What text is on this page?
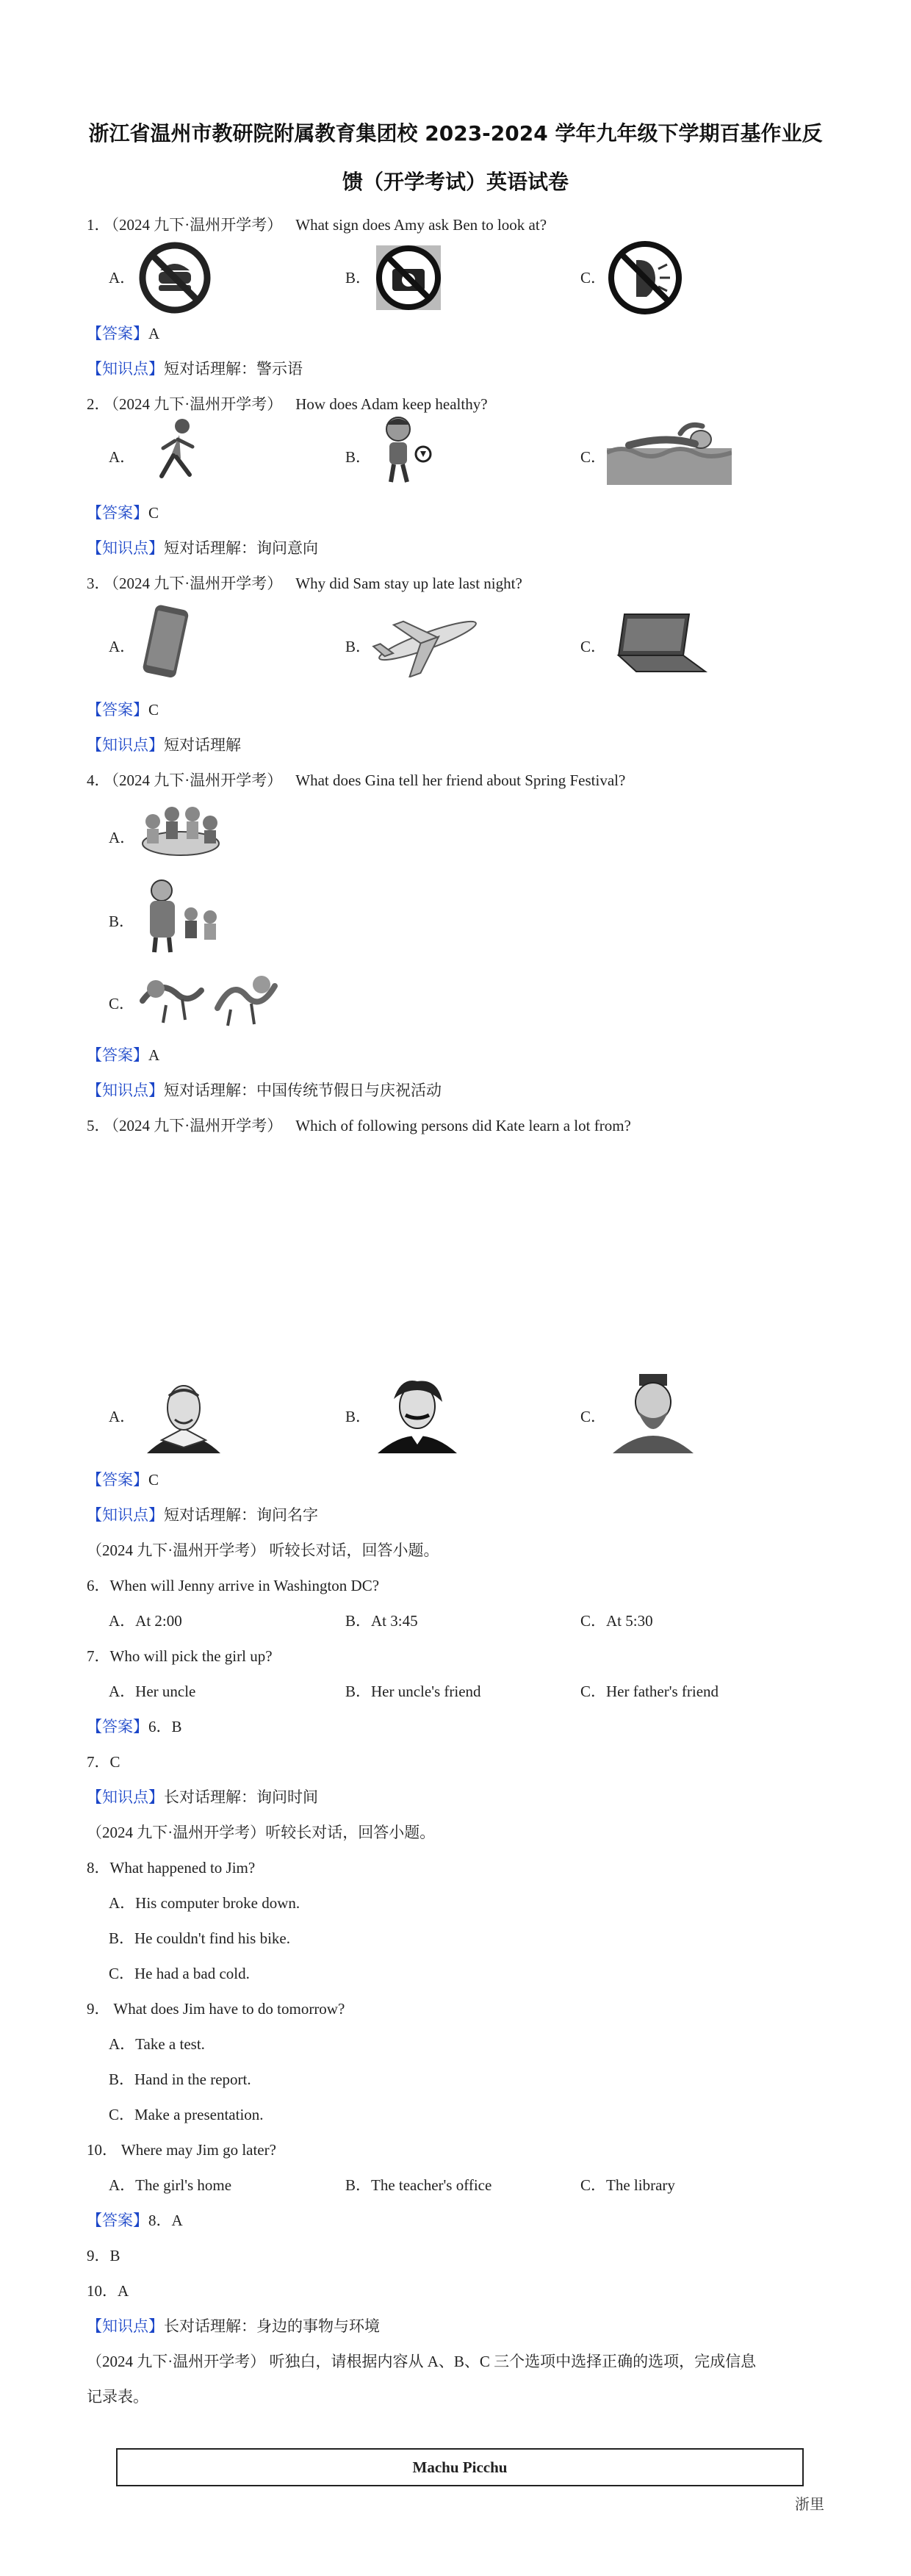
浙江省温州市教研院附属教育集团校 2023-2024 学年九年级下学期百基作业反
馈（开学考试）英语试卷
1．（2024 九下·温州开学考） What sign does Amy ask Ben to look at?
A．	B．	C．
【答案】A
【知识点】短对话理解：警示语
2．（2024 九下·温州开学考） How does Adam keep healthy?
A．	B．	C．
【答案】C
【知识点】短对话理解：询问意向
3．（2024 九下·温州开学考） Why did Sam stay up late last night?
A．	B．	C．
【答案】C
【知识点】短对话理解
4．（2024 九下·温州开学考） What does Gina tell her friend about Spring Festival?
A．
B．
C．
【答案】A
【知识点】短对话理解：中国传统节假日与庆祝活动
5．（2024 九下·温州开学考） Which of following persons did Kate learn a lot from?
A．	B．	C．
【答案】C
【知识点】短对话理解：询问名字
（2024 九下·温州开学考） 听较长对话，回答小题。
6．When will Jenny arrive in Washington DC?
A．At 2:00	B．At 3:45	C．At 5:30
7．Who will pick the girl up?
A．Her uncle	B．Her uncle's friend	C．Her father's friend
【答案】6．B
7．C
【知识点】长对话理解：询问时间
（2024 九下·温州开学考）听较长对话，回答小题。
8．What happened to Jim?
A．His computer broke down.
B．He couldn't find his bike.
C．He had a bad cold.
9． What does Jim have to do tomorrow?
A．Take a test.
B．Hand in the report.
C．Make a presentation.
10． Where may Jim go later?
A．The girl's home	B．The teacher's office	C．The library
【答案】8．A
9．B
10．A
【知识点】长对话理解：身边的事物与环境
（2024 九下·温州开学考） 听独白，请根据内容从 A、B、C 三个选项中选择正确的选项，完成信息
记录表。
Machu Picchu
浙里
